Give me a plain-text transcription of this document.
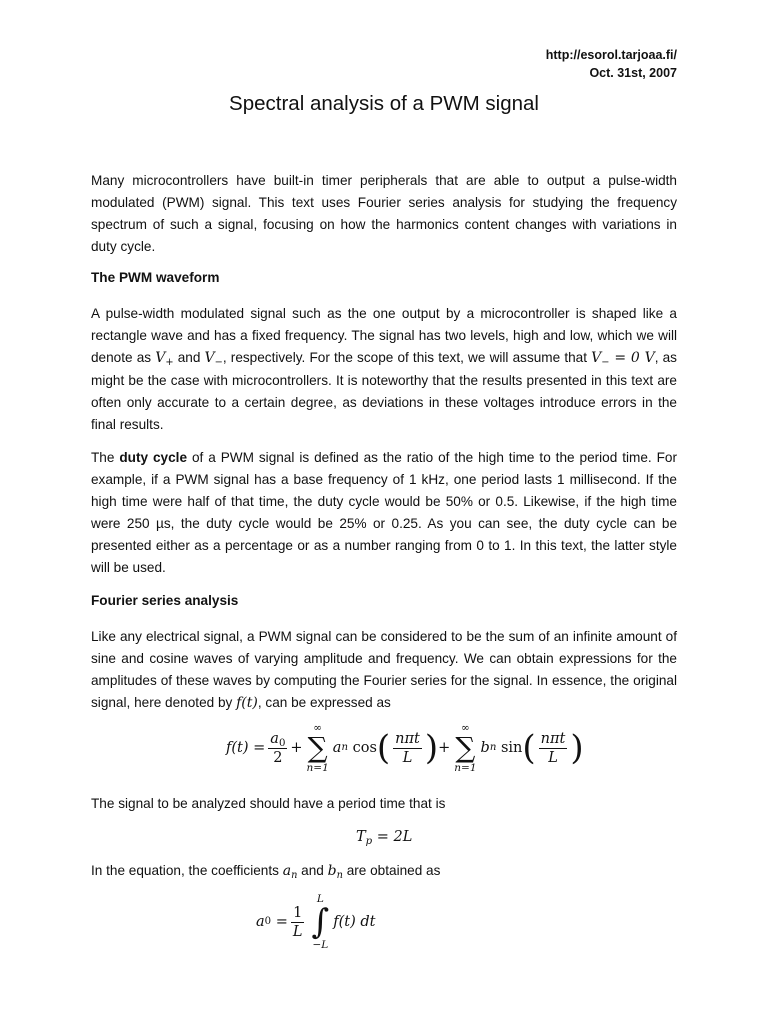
http://esorol.tarjoaa.fi/
Oct. 31st, 2007
Spectral analysis of a PWM signal
Many microcontrollers have built-in timer peripherals that are able to output a pulse-width modulated (PWM) signal. This text uses Fourier series analysis for studying the frequency spectrum of such a signal, focusing on how the harmonics content changes with variations in duty cycle.
The PWM waveform
A pulse-width modulated signal such as the one output by a microcontroller is shaped like a rectangle wave and has a fixed frequency. The signal has two levels, high and low, which we will denote as $V_+$ and $V_-$, respectively. For the scope of this text, we will assume that $V_- = 0$ V, as might be the case with microcontrollers. It is noteworthy that the results presented in this text are often only accurate to a certain degree, as deviations in these voltages introduce errors in the final results.
The duty cycle of a PWM signal is defined as the ratio of the high time to the period time. For example, if a PWM signal has a base frequency of 1 kHz, one period lasts 1 millisecond. If the high time were half of that time, the duty cycle would be 50% or 0.5. Likewise, if the high time were 250 µs, the duty cycle would be 25% or 0.25. As you can see, the duty cycle can be presented either as a percentage or as a number ranging from 0 to 1. In this text, the latter style will be used.
Fourier series analysis
Like any electrical signal, a PWM signal can be considered to be the sum of an infinite amount of sine and cosine waves of varying amplitude and frequency. We can obtain expressions for the amplitudes of these waves by computing the Fourier series for the signal. In essence, the original signal, here denoted by f(t), can be expressed as
f(t)
= $\frac{a_0}{2}$ +
∞
∑
n=1
a n
cos ( $\frac{\text{nπt}}{L}$ ) +
∞
∑
n=1
b n
sin ( $\frac{\text{nπt}}{L}$ )
The signal to be analyzed should have a period time that is
$T_p = 2L$
In the equation, the coefficients $a_n$ and $b_n$ are obtained as
a 0
= $\frac{1}{L}$
L
∫
−L
f(t) dt
